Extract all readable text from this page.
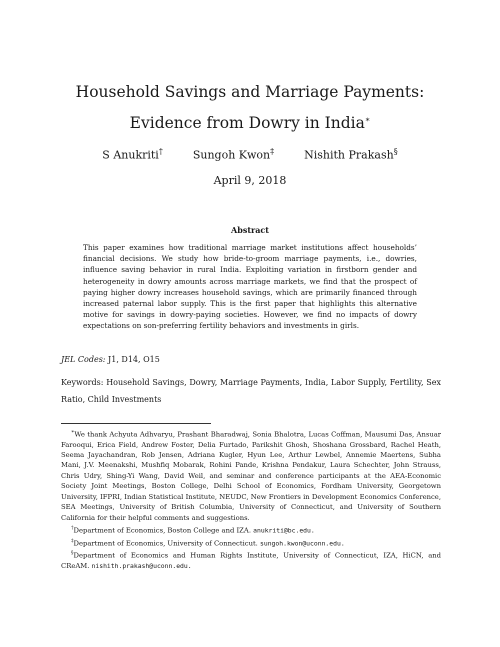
Household Savings and Marriage Payments:
Evidence from Dowry in India∗
S Anukriti†	Sungoh Kwon‡	Nishith Prakash§
April 9, 2018
Abstract

This paper examines how traditional marriage market institutions affect households’ financial decisions. We study how bride-to-groom marriage payments, i.e., dowries, influence saving behavior in rural India. Exploiting variation in firstborn gender and heterogeneity in dowry amounts across marriage markets, we find that the prospect of paying higher dowry increases household savings, which are primarily financed through increased paternal labor supply. This is the first paper that highlights this alternative motive for savings in dowry-paying societies. However, we find no impacts of dowry expectations on son-preferring fertility behaviors and investments in girls.

JEL Codes: J1, D14, O15

Keywords: Household Savings, Dowry, Marriage Payments, India, Labor Supply, Fertility, Sex Ratio, Child Investments

∗We thank Achyuta Adhvaryu, Prashant Bharadwaj, Sonia Bhalotra, Lucas Coffman, Mausumi Das, Ansuar Farooqui, Erica Field, Andrew Foster, Delia Furtado, Parikshit Ghosh, Shoshana Grossbard, Rachel Heath, Seema Jayachandran, Rob Jensen, Adriana Kugler, Hyun Lee, Arthur Lewbel, Annemie Maertens, Subha Mani, J.V. Meenakshi, Mushfiq Mobarak, Rohini Pande, Krishna Pendakur, Laura Schechter, John Strauss, Chris Udry, Shing-Yi Wang, David Weil, and seminar and conference participants at the AEA-Economic Society Joint Meetings, Boston College, Delhi School of Economics, Fordham University, Georgetown University, IFPRI, Indian Statistical Institute, NEUDC, New Frontiers in Development Economics Conference, SEA Meetings, University of British Columbia, University of Connecticut, and University of Southern California for their helpful comments and suggestions.

†Department of Economics, Boston College and IZA. anukriti@bc.edu.

‡Department of Economics, University of Connecticut. sungoh.kwon@uconn.edu.

§Department of Economics and Human Rights Institute, University of Connecticut, IZA, HiCN, and CReAM. nishith.prakash@uconn.edu.
